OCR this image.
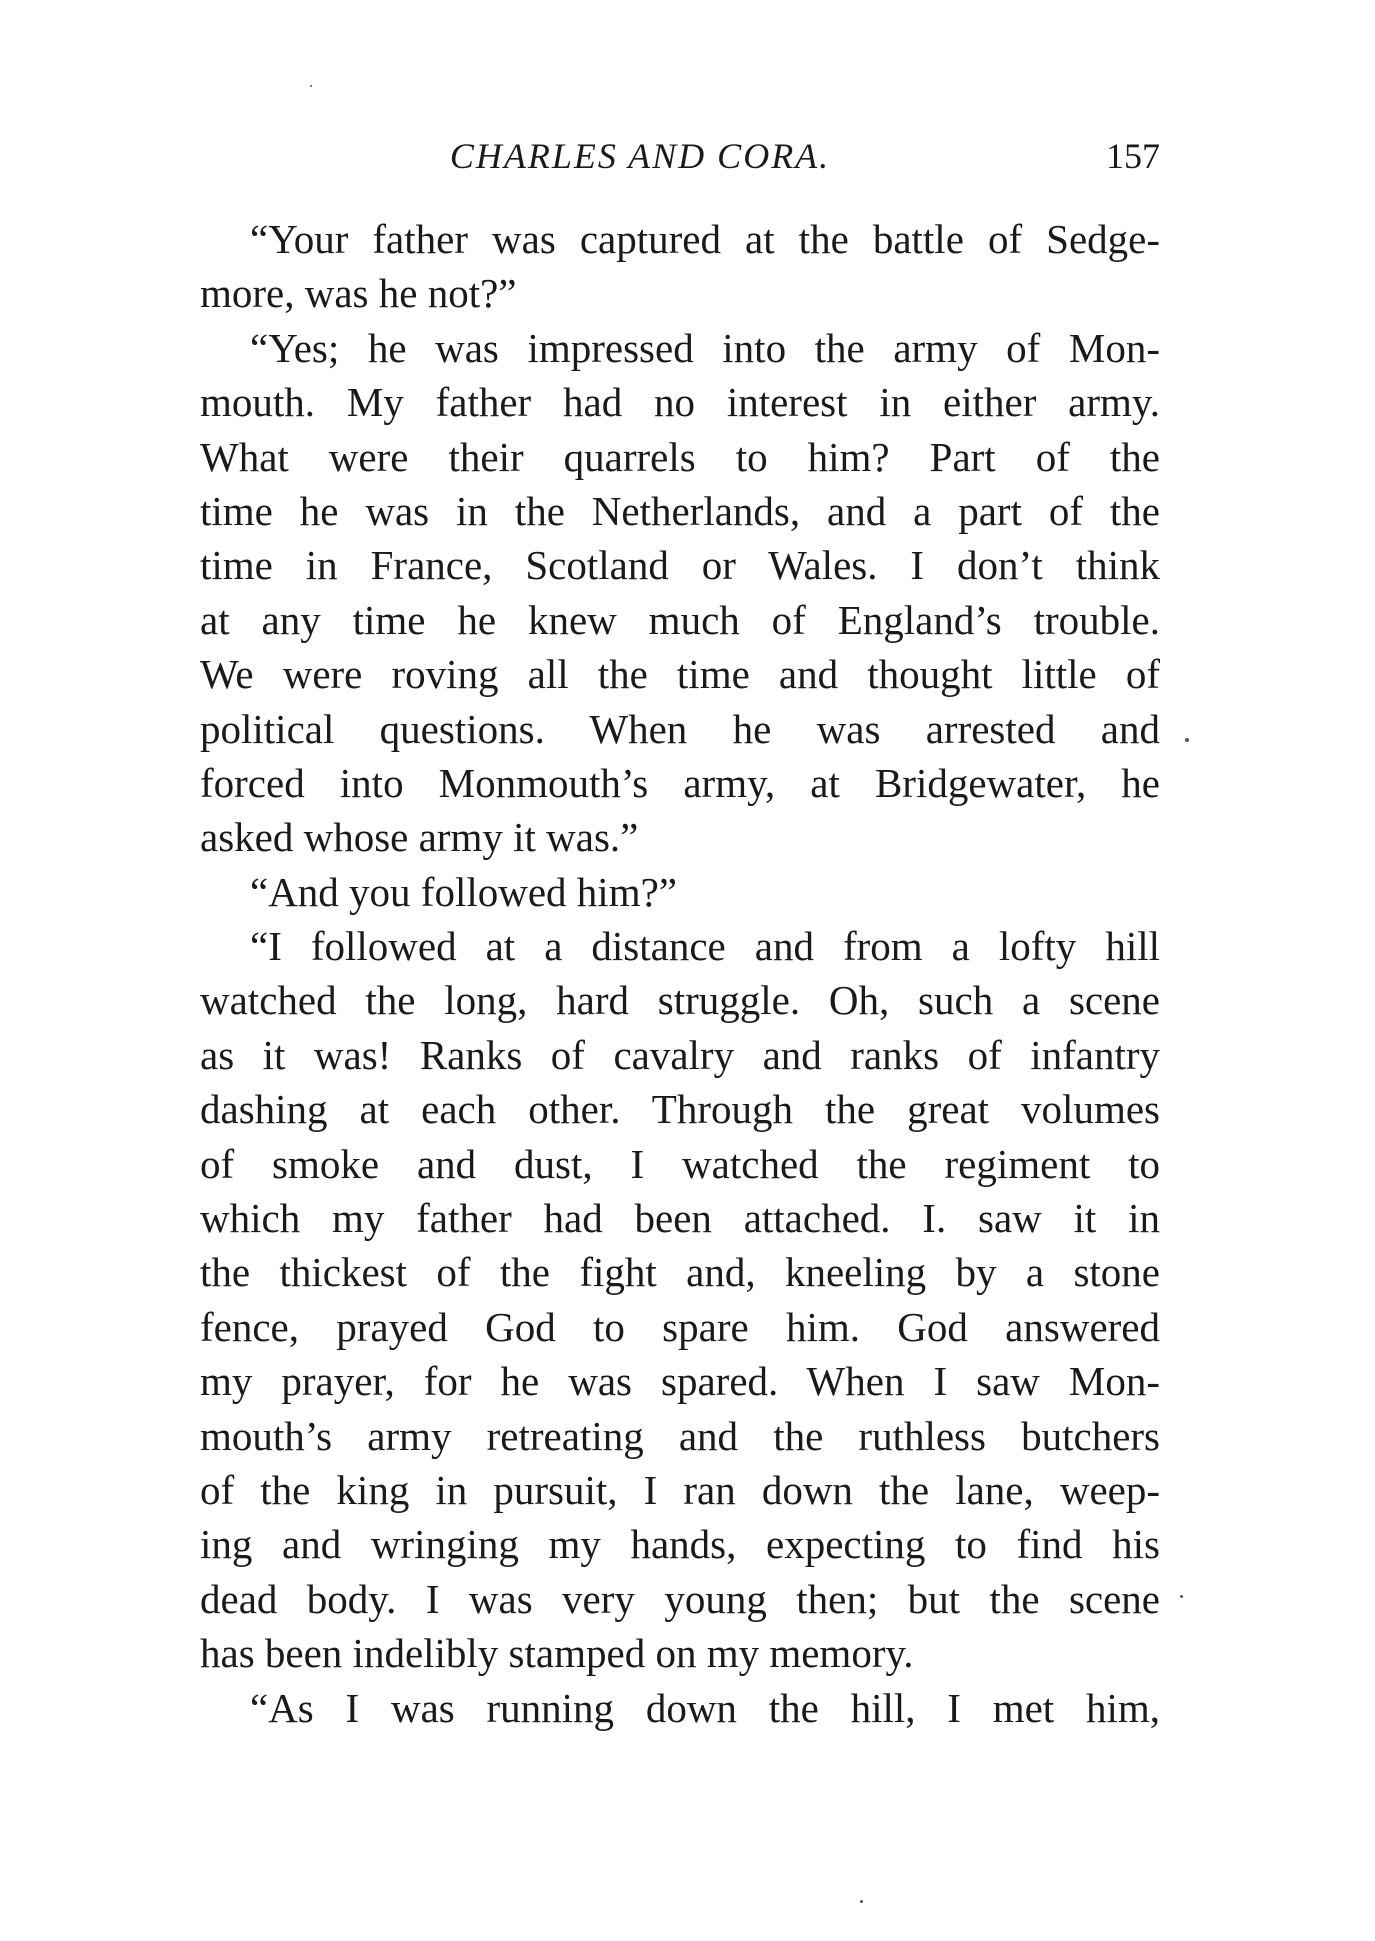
CHARLES AND CORA.	157
“Your father was captured at the battle of Sedge-
more, was he not?”
“Yes; he was impressed into the army of Mon-
mouth. My father had no interest in either army.
What were their quarrels to him? Part of the
time he was in the Netherlands, and a part of the
time in France, Scotland or Wales. I don’t think
at any time he knew much of England’s trouble.
We were roving all the time and thought little of
political questions. When he was arrested and
forced into Monmouth’s army, at Bridgewater, he
asked whose army it was.”
“And you followed him?”
“I followed at a distance and from a lofty hill
watched the long, hard struggle. Oh, such a scene
as it was! Ranks of cavalry and ranks of infantry
dashing at each other. Through the great volumes
of smoke and dust, I watched the regiment to
which my father had been attached. I. saw it in
the thickest of the fight and, kneeling by a stone
fence, prayed God to spare him. God answered
my prayer, for he was spared. When I saw Mon-
mouth’s army retreating and the ruthless butchers
of the king in pursuit, I ran down the lane, weep-
ing and wringing my hands, expecting to find his
dead body. I was very young then; but the scene
has been indelibly stamped on my memory.
“As I was running down the hill, I met him,
